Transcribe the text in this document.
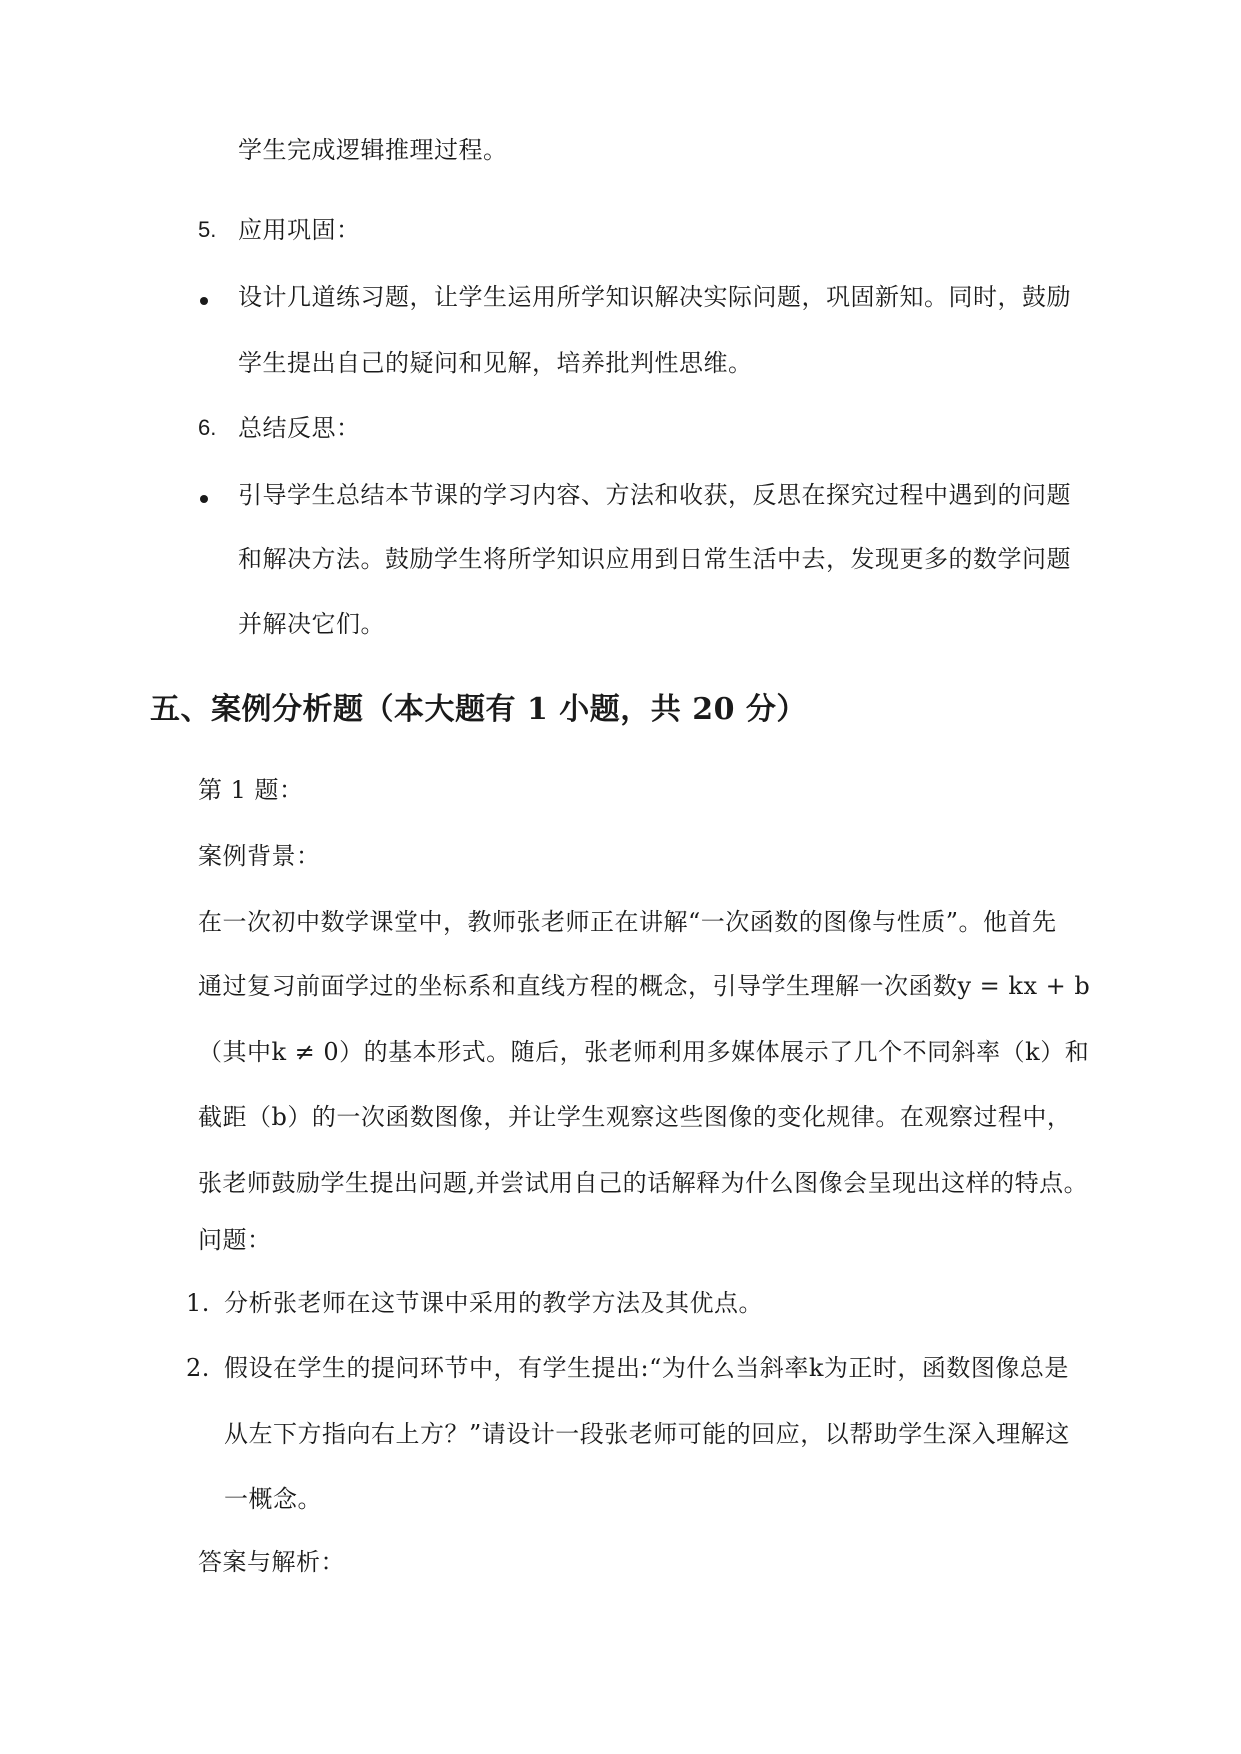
学生完成逻辑推理过程。
5. 应用巩固：
设计几道练习题，让学生运用所学知识解决实际问题，巩固新知。同时，鼓励
学生提出自己的疑问和见解，培养批判性思维。
6. 总结反思：
引导学生总结本节课的学习内容、方法和收获，反思在探究过程中遇到的问题
和解决方法。鼓励学生将所学知识应用到日常生活中去，发现更多的数学问题
并解决它们。
五、案例分析题（本大题有 1 小题，共 20 分）
第 1 题：
案例背景：
在一次初中数学课堂中，教师张老师正在讲解“一次函数的图像与性质”。他首先
通过复习前面学过的坐标系和直线方程的概念，引导学生理解一次函数y = kx + b
（其中k ≠ 0）的基本形式。随后，张老师利用多媒体展示了几个不同斜率（k）和
截距（b）的一次函数图像，并让学生观察这些图像的变化规律。在观察过程中，
张老师鼓励学生提出问题,并尝试用自己的话解释为什么图像会呈现出这样的特点。
问题：
1. 分析张老师在这节课中采用的教学方法及其优点。
2. 假设在学生的提问环节中，有学生提出:“为什么当斜率k为正时，函数图像总是
从左下方指向右上方？”请设计一段张老师可能的回应，以帮助学生深入理解这
一概念。
答案与解析：
